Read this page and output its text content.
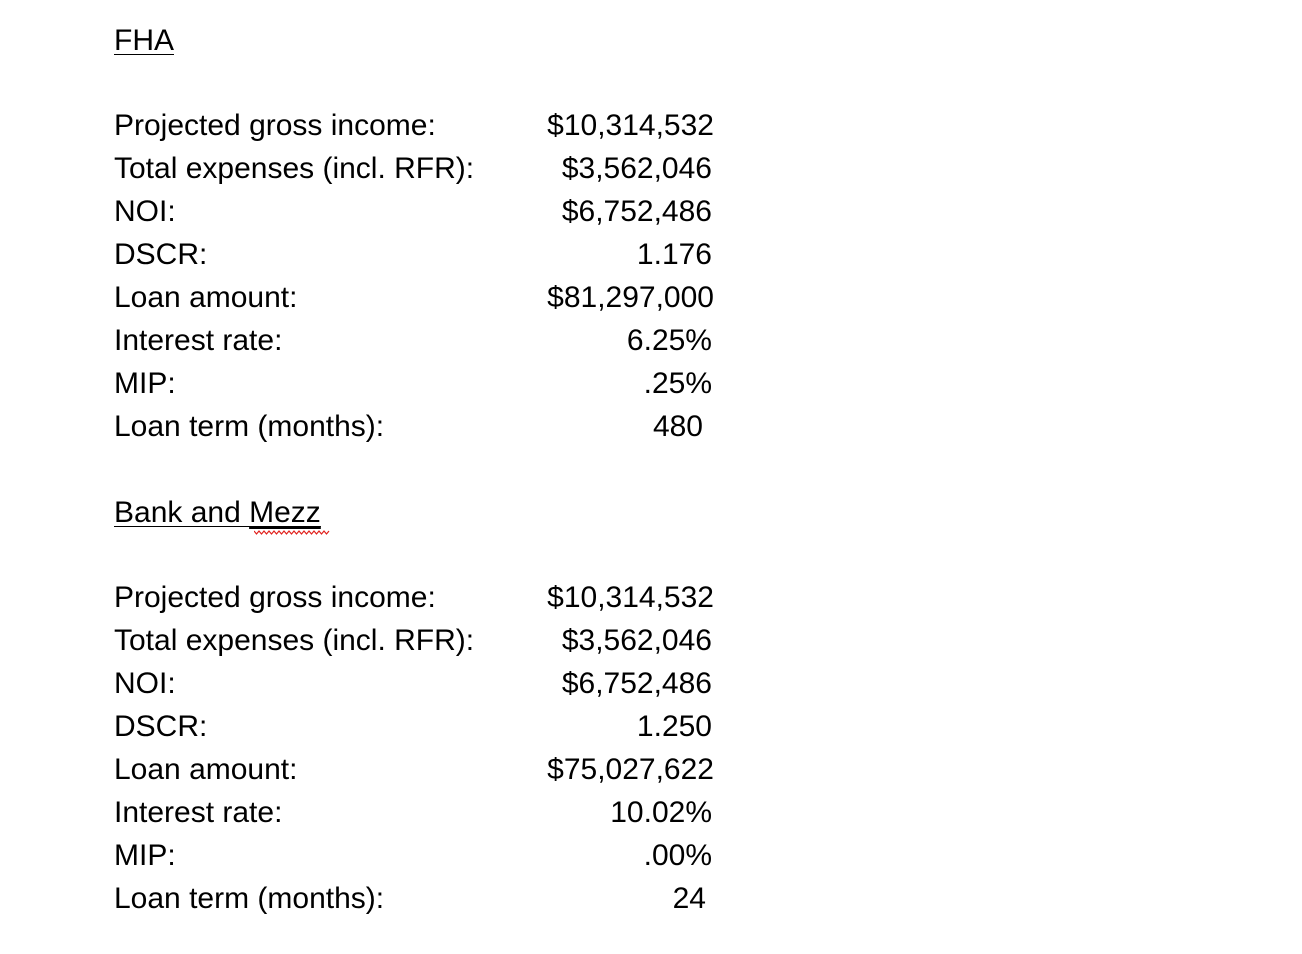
FHA
Projected gross income:	$10,314,532
Total expenses (incl. RFR):	$3,562,046
NOI:	$6,752,486
DSCR:	1.176
Loan amount:	$81,297,000
Interest rate:	6.25%
MIP:	.25%
Loan term (months):	480
Bank and Mezz
Projected gross income:	$10,314,532
Total expenses (incl. RFR):	$3,562,046
NOI:	$6,752,486
DSCR:	1.250
Loan amount:	$75,027,622
Interest rate:	10.02%
MIP:	.00%
Loan term (months):	24
